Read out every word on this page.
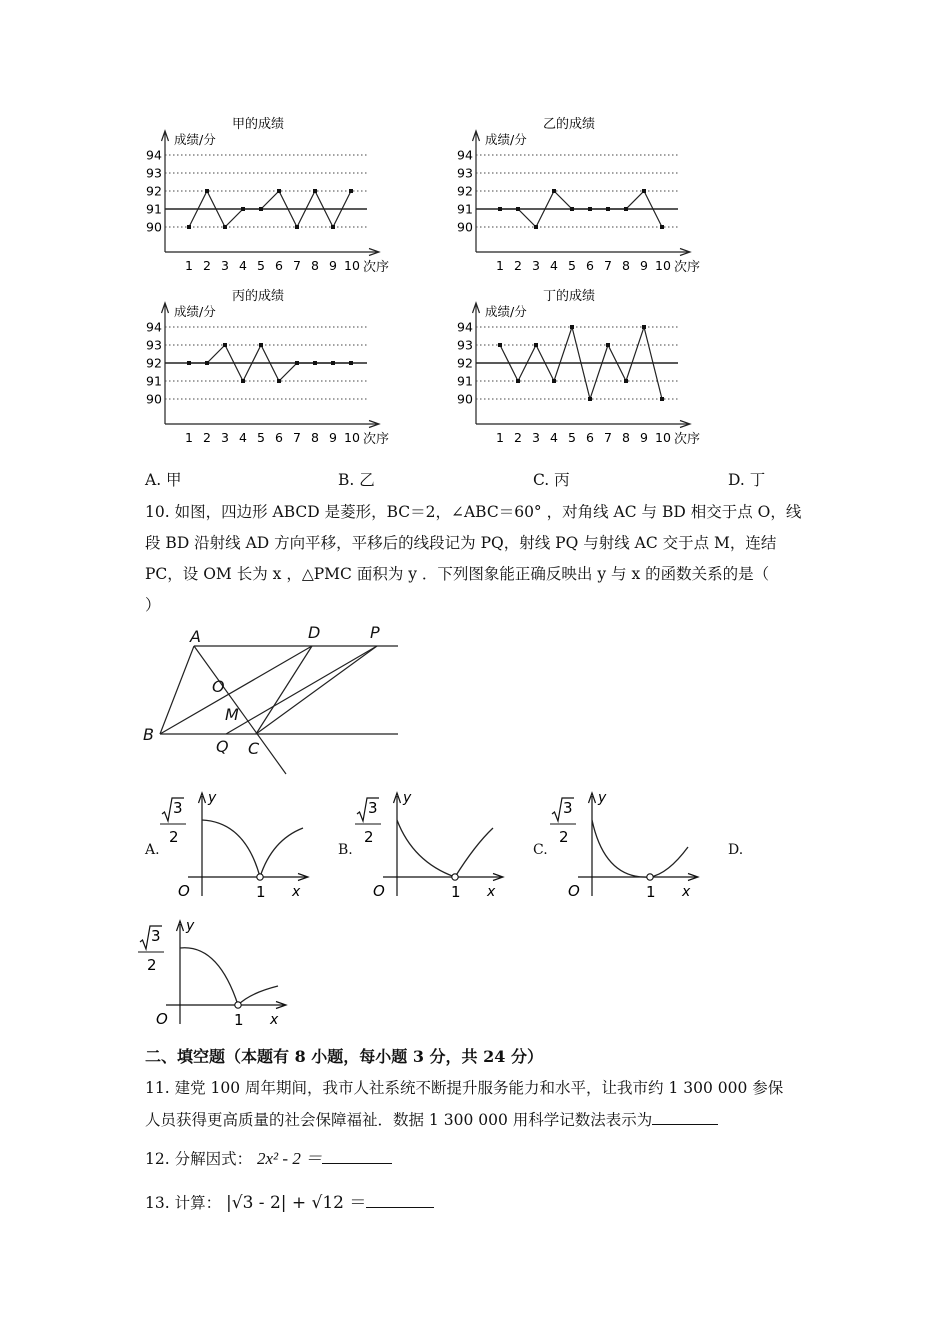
甲的成绩
成绩/分
90
91
92
93
94
1 2 3 4 5 6 7 8 9 10 次序
乙的成绩
成绩/分
90
91
92
93
94
1 2 3 4 5 6 7 8 9 10 次序
丙的成绩
成绩/分
90
91
92
93
94
1 2 3 4 5 6 7 8 9 10 次序
丁的成绩
成绩/分
90
91
92
93
94
1 2 3 4 5 6 7 8 9 10 次序
A. 甲	B. 乙	C. 丙	D. 丁
10. 如图，四边形 ABCD 是菱形，BC＝2，∠ABC＝60° ，对角线 AC 与 BD 相交于点 O，线
段 BD 沿射线 AD 方向平移，平移后的线段记为 PQ，射线 PQ 与射线 AC 交于点 M，连结
PC，设 OM 长为 x ，△PMC 面积为 y ．下列图象能正确反映出 y 与 x 的函数关系的是（
）
A	D	P
O
M
B
Q C
A.	B.	C.	D.
3
2
y
x
O	1
3
2
y
x
O	1
3
2
y
x
O	1
3
2
y
x
O	1
二、填空题（本题有 8 小题，每小题 3 分，共 24 分）
11. 建党 100 周年期间，我市人社系统不断提升服务能力和水平，让我市约 1 300 000 参保
人员获得更高质量的社会保障福祉．数据 1 300 000 用科学记数法表示为
12. 分解因式： 2x² - 2 ＝
13. 计算： |√3 - 2| + √12 ＝
